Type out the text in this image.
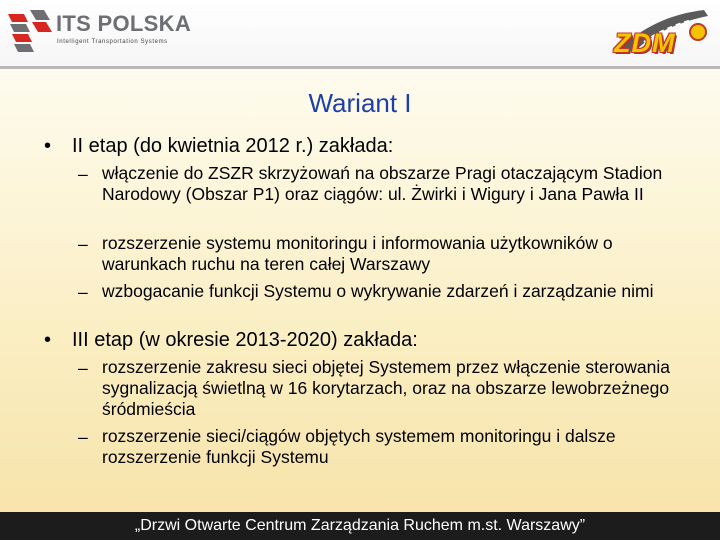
ITS POLSKA
Intelligent Transportation Systems	ZDM
Wariant I
• II etap (do kwietnia 2012 r.) zakłada:
– włączenie do ZSZR skrzyżowań na obszarze Pragi otaczającym Stadion Narodowy (Obszar P1) oraz ciągów: ul. Żwirki i Wigury i Jana Pawła II
– rozszerzenie systemu monitoringu i informowania użytkowników o warunkach ruchu na teren całej Warszawy
– wzbogacanie funkcji Systemu o wykrywanie zdarzeń i zarządzanie nimi
• III etap (w okresie 2013-2020) zakłada:
– rozszerzenie zakresu sieci objętej Systemem przez włączenie sterowania sygnalizacją świetlną w 16 korytarzach, oraz na obszarze lewobrzeżnego śródmieścia
– rozszerzenie sieci/ciągów objętych systemem monitoringu i dalsze rozszerzenie funkcji Systemu
„Drzwi Otwarte Centrum Zarządzania Ruchem m.st. Warszawy”
